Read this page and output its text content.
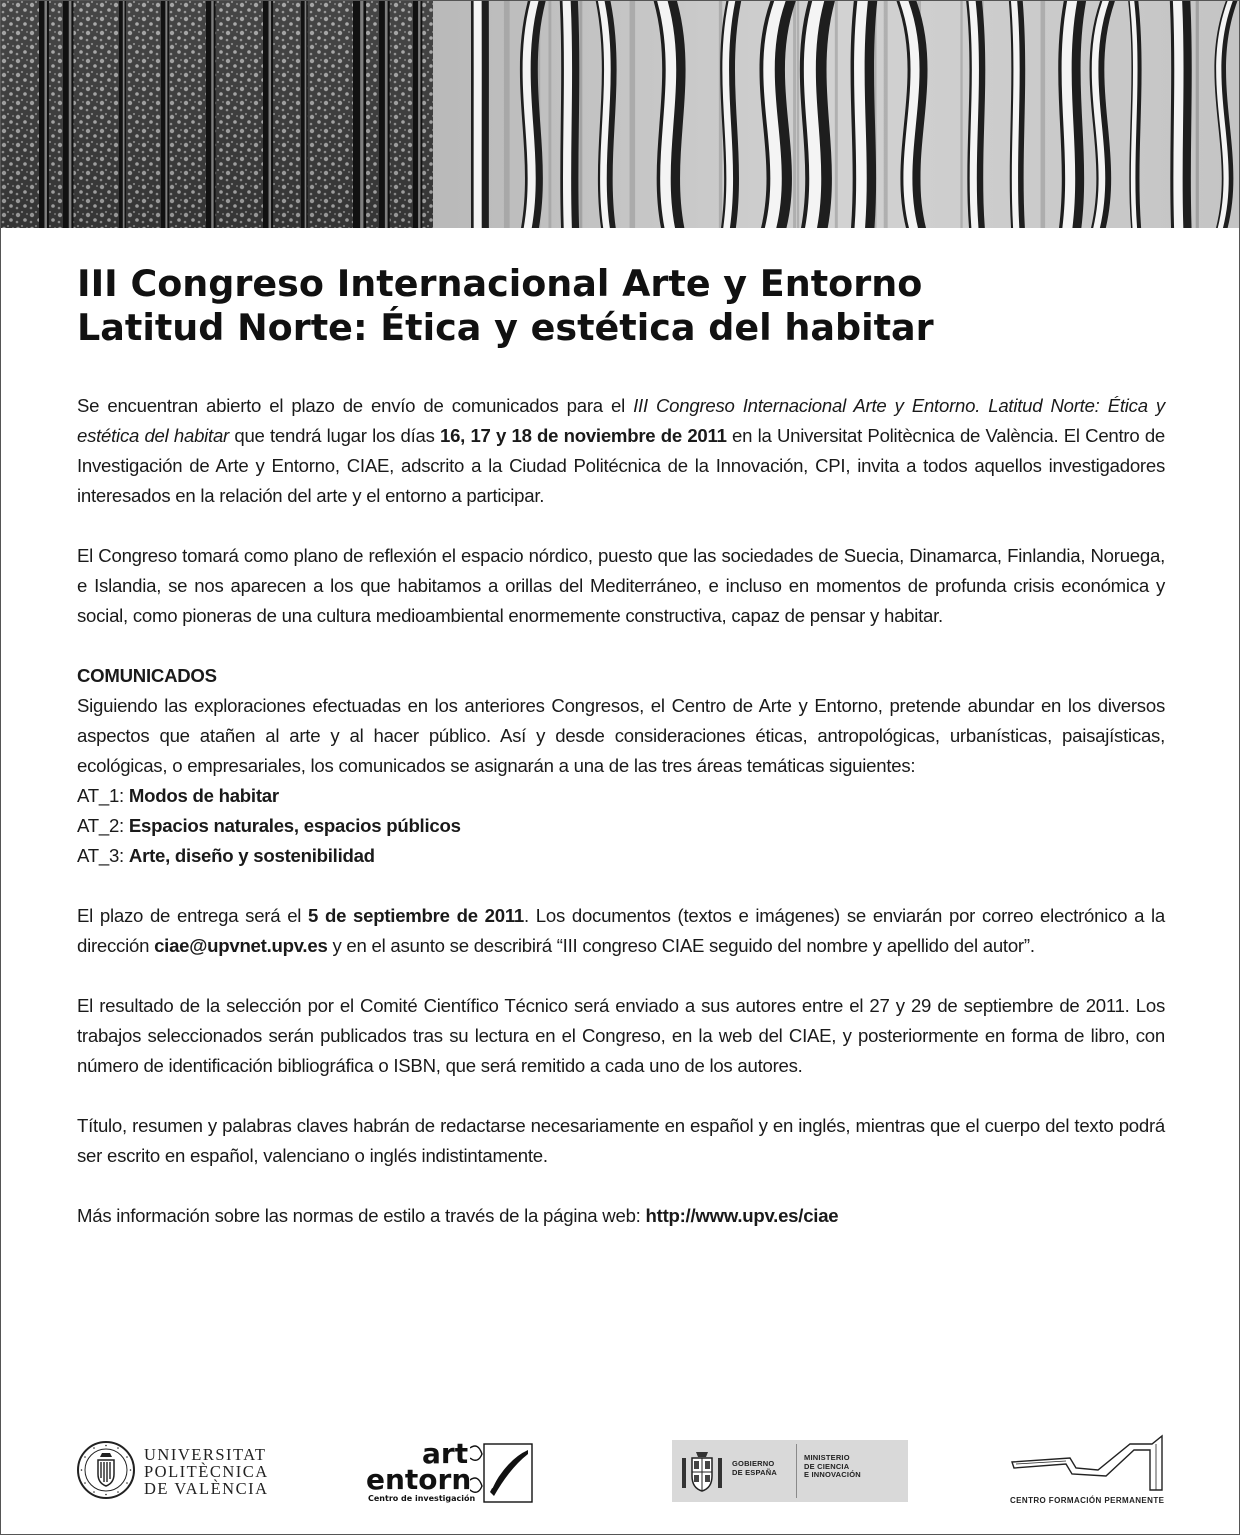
III Congreso Internacional Arte y Entorno
Latitud Norte: Ética y estética del habitar

Se encuentran abierto el plazo de envío de comunicados para el III Congreso Internacional Arte y Entorno. Latitud Norte: Ética y estética del habitar que tendrá lugar los días 16, 17 y 18 de noviembre de 2011 en la Universitat Politècnica de València. El Centro de Investigación de Arte y Entorno, CIAE, adscrito a la Ciudad Politécnica de la Innovación, CPI, invita a todos aquellos investigadores interesados en la relación del arte y el entorno a participar.

El Congreso tomará como plano de reflexión el espacio nórdico, puesto que las sociedades de Suecia, Dinamarca, Finlandia, Noruega, e Islandia, se nos aparecen a los que habitamos a orillas del Mediterráneo, e incluso en momentos de profunda crisis económica y social, como pioneras de una cultura medioambiental enormemente constructiva, capaz de pensar y habitar.

COMUNICADOS

Siguiendo las exploraciones efectuadas en los anteriores Congresos, el Centro de Arte y Entorno, pretende abundar en los diversos aspectos que atañen al arte y al hacer público. Así y desde consideraciones éticas, antropológicas, urbanísticas, paisajísticas, ecológicas, o empresariales, los comunicados se asignarán a una de las tres áreas temáticas siguientes:

AT_1: Modos de habitar
AT_2: Espacios naturales, espacios públicos
AT_3: Arte, diseño y sostenibilidad

El plazo de entrega será el 5 de septiembre de 2011. Los documentos (textos e imágenes) se enviarán por correo electrónico a la dirección ciae@upvnet.upv.es y en el asunto se describirá “III congreso CIAE seguido del nombre y apellido del autor”.

El resultado de la selección por el Comité Científico Técnico será enviado a sus autores entre el 27 y 29 de septiembre de 2011. Los trabajos seleccionados serán publicados tras su lectura en el Congreso, en la web del CIAE, y posteriormente en forma de libro, con número de identificación bibliográfica o ISBN, que será remitido a cada uno de los autores.

Título, resumen y palabras claves habrán de redactarse necesariamente en español y en inglés, mientras que el cuerpo del texto podrá ser escrito en español, valenciano o inglés indistintamente.

Más información sobre las normas de estilo a través de la página web: http://www.upv.es/ciae

UNIVERSITAT
POLITÈCNICA
DE VALÈNCIA
art
entorn
Centro de investigación
GOBIERNO
DE ESPAÑA
MINISTERIO
DE CIENCIA
E INNOVACIÓN
CENTRO FORMACIÓN PERMANENTE
